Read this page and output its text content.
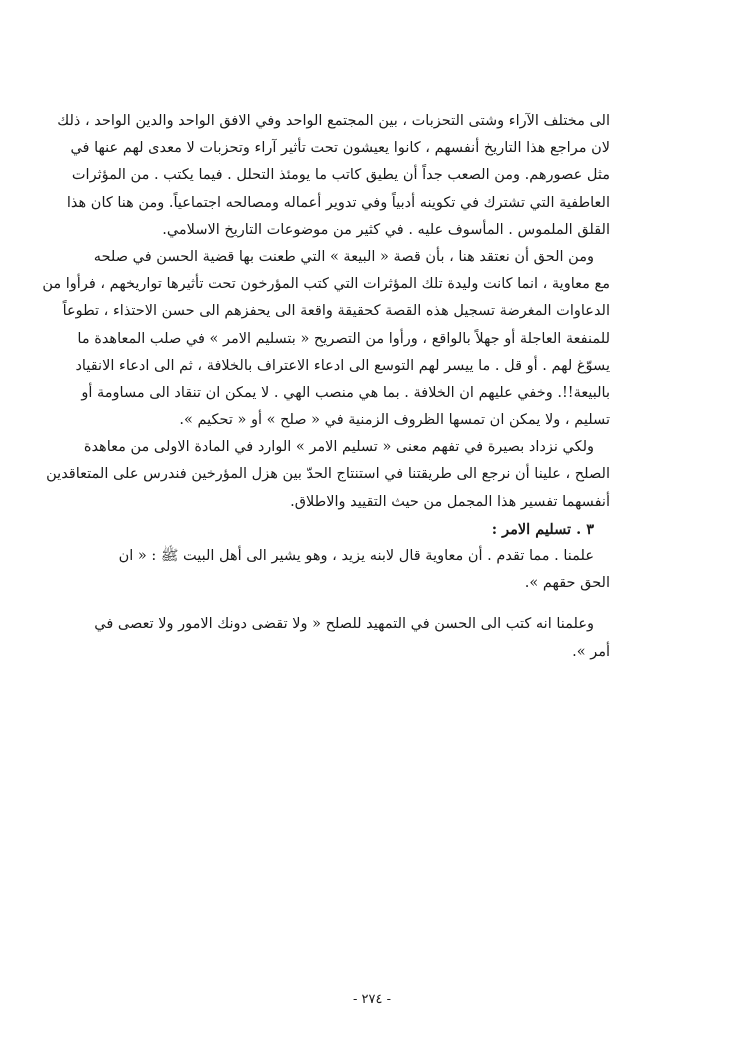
الى مختلف الآراء وشتى التحزبات ، بين المجتمع الواحد وفي الافق الواحد والدين الواحد ، ذلك
لان مراجع هذا التاريخ أنفسهم ، كانوا يعيشون تحت تأثير آراء وتحزبات لا معدى لهم عنها في
مثل عصورهم. ومن الصعب جداً أن يطيق كاتب ما يومئذ التحلل . فيما يكتب . من المؤثرات
العاطفية التي تشترك في تكوينه أدبياً وفي تدوير أعماله ومصالحه اجتماعياً. ومن هنا كان هذا
القلق الملموس . المأسوف عليه . في كثير من موضوعات التاريخ الاسلامي.
ومن الحق أن نعتقد هنا ، بأن قصة « البيعة » التي طعنت بها قضية الحسن في صلحه
مع معاوية ، انما كانت وليدة تلك المؤثرات التي كتب المؤرخون تحت تأثيرها تواريخهم ، فرأوا من
الدعاوات المغرضة تسجيل هذه القصة كحقيقة واقعة الى يحفزهم الى حسن الاحتذاء ، تطوعاً
للمنفعة العاجلة أو جهلاً بالواقع ، ورأوا من التصريح « بتسليم الامر » في صلب المعاهدة ما
يسوّغ لهم . أو قل . ما ييسر لهم التوسع الى ادعاء الاعتراف بالخلافة ، ثم الى ادعاء الانقياد
بالبيعة!!. وخفي عليهم ان الخلافة . بما هي منصب الهي . لا يمكن ان تنقاد الى مساومة أو
تسليم ، ولا يمكن ان تمسها الظروف الزمنية في « صلح » أو « تحكيم ».
ولكي نزداد بصيرة في تفهم معنى « تسليم الامر » الوارد في المادة الاولى من معاهدة
الصلح ، علينا أن نرجع الى طريقتنا في استنتاج الحدّ بين هزل المؤرخين فندرس على المتعاقدين
أنفسهما تفسير هذا المجمل من حيث التقييد والاطلاق.
٣ . تسليم الامر :
علمنا . مما تقدم . أن معاوية قال لابنه يزيد ، وهو يشير الى أهل البيت ﷺ : « ان
الحق حقهم ».
وعلمنا انه كتب الى الحسن في التمهيد للصلح « ولا تقضى دونك الامور ولا تعصى في
أمر ».
- ٢٧٤ -
